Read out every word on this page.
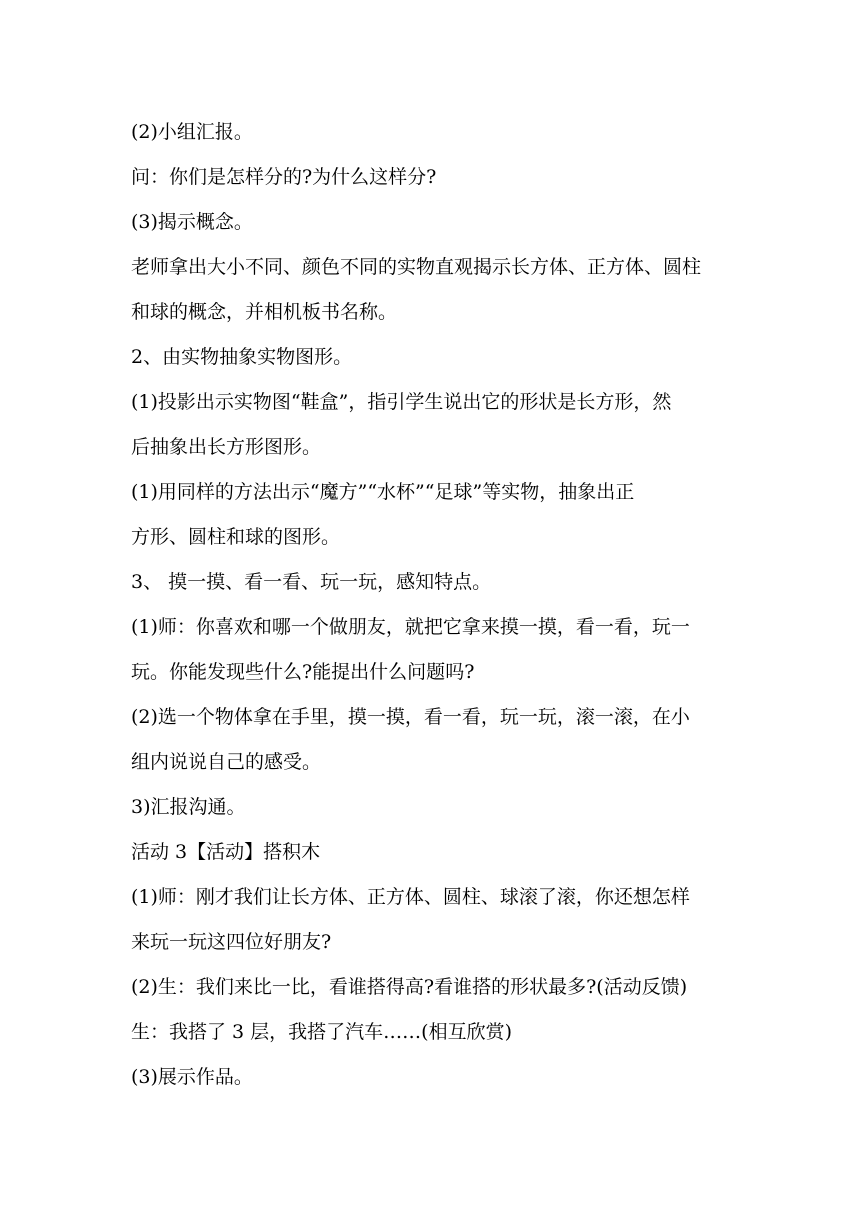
(2)小组汇报。
问：你们是怎样分的?为什么这样分?
(3)揭示概念。
老师拿出大小不同、颜色不同的实物直观揭示长方体、正方体、圆柱
和球的概念，并相机板书名称。
2、由实物抽象实物图形。
(1)投影出示实物图“鞋盒”，指引学生说出它的形状是长方形，然
后抽象出长方形图形。
(1)用同样的方法出示“魔方”“水杯”“足球”等实物，抽象出正
方形、圆柱和球的图形。
3、 摸一摸、看一看、玩一玩，感知特点。
(1)师：你喜欢和哪一个做朋友，就把它拿来摸一摸，看一看，玩一
玩。你能发现些什么?能提出什么问题吗?
(2)选一个物体拿在手里，摸一摸，看一看，玩一玩，滚一滚，在小
组内说说自己的感受。
3)汇报沟通。
活动 3【活动】搭积木
(1)师：刚才我们让长方体、正方体、圆柱、球滚了滚，你还想怎样
来玩一玩这四位好朋友?
(2)生：我们来比一比，看谁搭得高?看谁搭的形状最多?(活动反馈)
生：我搭了 3 层，我搭了汽车……(相互欣赏)
(3)展示作品。
